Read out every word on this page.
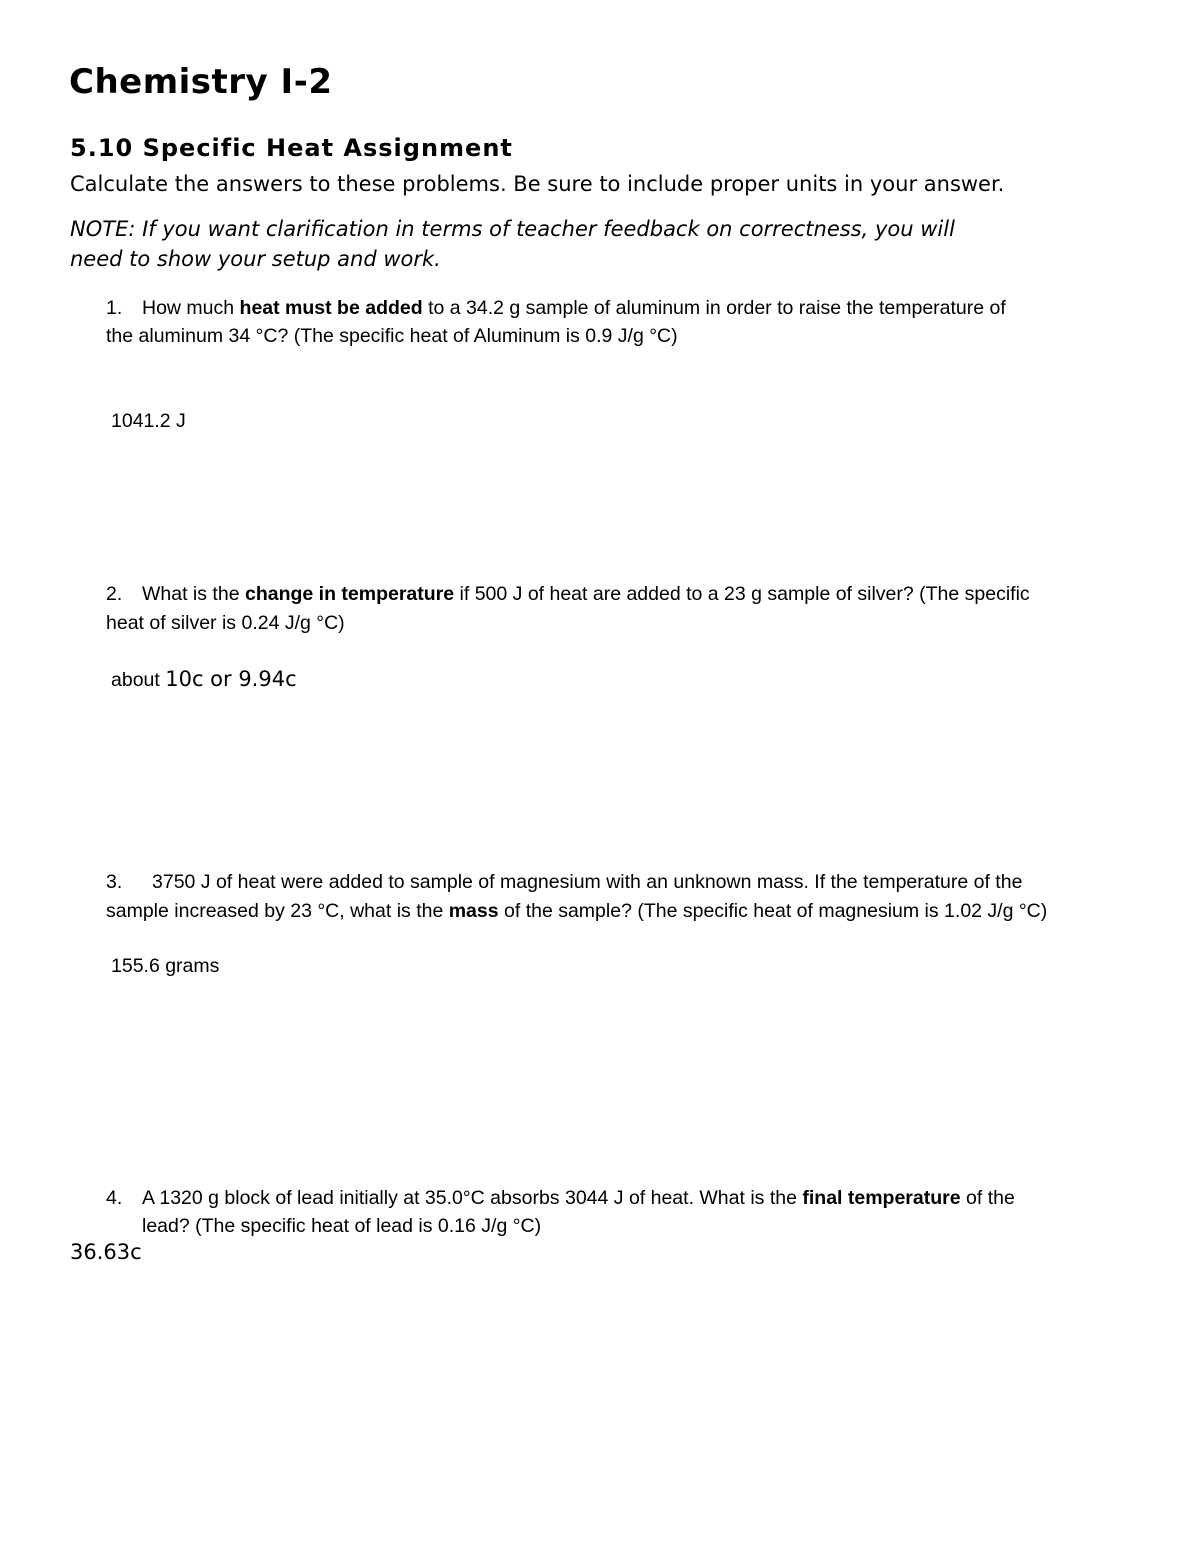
Chemistry I-2
5.10 Specific Heat Assignment
Calculate the answers to these problems. Be sure to include proper units in your answer.
NOTE: If you want clarification in terms of teacher feedback on correctness, you will
need to show your setup and work.
1. How much heat must be added to a 34.2 g sample of aluminum in order to raise the temperature of
the aluminum 34 °C? (The specific heat of Aluminum is 0.9 J/g °C)
1041.2 J
2. What is the change in temperature if 500 J of heat are added to a 23 g sample of silver? (The specific
heat of silver is 0.24 J/g °C)
about 10c or 9.94c
3. 3750 J of heat were added to sample of magnesium with an unknown mass. If the temperature of the
sample increased by 23 °C, what is the mass of the sample? (The specific heat of magnesium is 1.02 J/g °C)
155.6 grams
4. A 1320 g block of lead initially at 35.0°C absorbs 3044 J of heat. What is the final temperature of the
lead? (The specific heat of lead is 0.16 J/g °C)
36.63c
